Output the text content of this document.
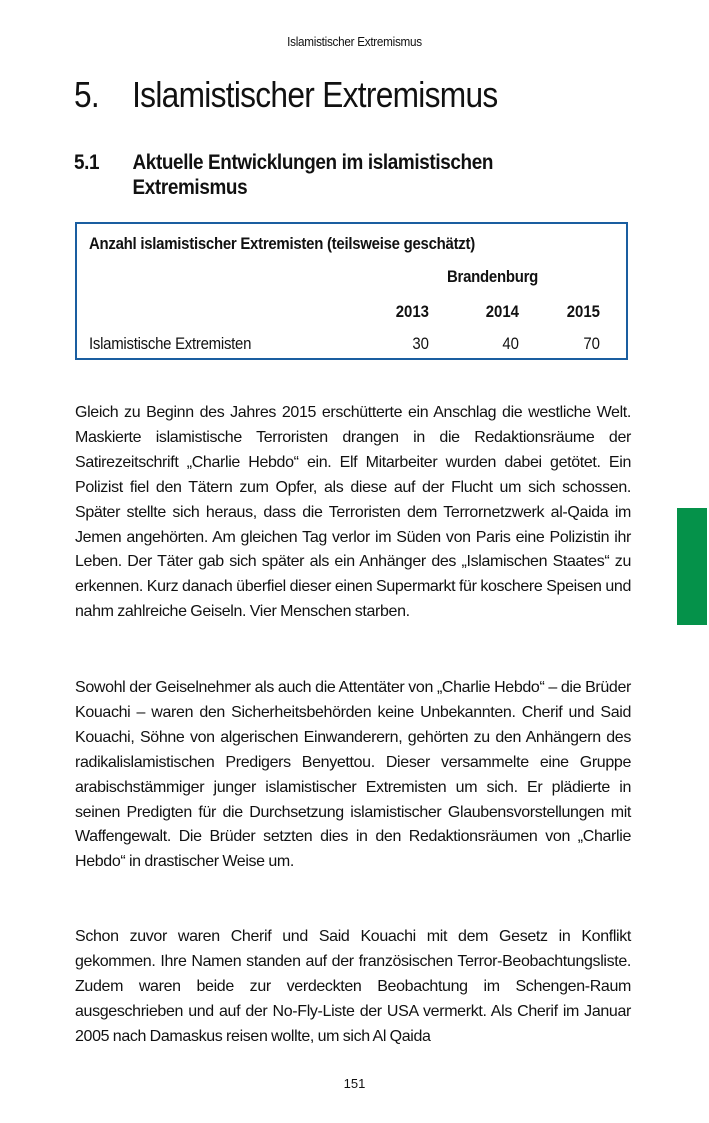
Islamistischer Extremismus
5. Islamistischer Extremismus
5.1 Aktuelle Entwicklungen im islamistischen Extremismus
Anzahl islamistischer Extremisten (teilsweise geschätzt)
Brandenburg
2013	2014	2015
Islamistische Extremisten	30	40	70

Gleich zu Beginn des Jahres 2015 erschütterte ein Anschlag die westliche Welt. Maskierte islamistische Terroristen drangen in die Redaktionsräume der Satirezeitschrift „Charlie Hebdo“ ein. Elf Mitarbeiter wurden dabei getötet. Ein Polizist fiel den Tätern zum Opfer, als diese auf der Flucht um sich schossen. Später stellte sich heraus, dass die Terroristen dem Terrornetzwerk al-Qaida im Jemen angehörten. Am gleichen Tag verlor im Süden von Paris eine Polizistin ihr Leben. Der Täter gab sich später als ein Anhänger des „Islamischen Staates“ zu erkennen. Kurz danach überfiel dieser einen Supermarkt für koschere Speisen und nahm zahlreiche Geiseln. Vier Menschen starben.

Sowohl der Geiselnehmer als auch die Attentäter von „Charlie Hebdo“ – die Brüder Kouachi – waren den Sicherheitsbehörden keine Unbekannten. Cherif und Said Kouachi, Söhne von algerischen Einwanderern, gehörten zu den Anhängern des radikalislamistischen Predigers Benyettou. Dieser versammelte eine Gruppe arabischstämmiger junger islamistischer Extremisten um sich. Er plädierte in seinen Predigten für die Durchsetzung islamistischer Glaubensvorstellungen mit Waffengewalt. Die Brüder setzten dies in den Redaktionsräumen von „Charlie Hebdo“ in drastischer Weise um.

Schon zuvor waren Cherif und Said Kouachi mit dem Gesetz in Konflikt gekommen. Ihre Namen standen auf der französischen Terror-Beobachtungsliste. Zudem waren beide zur verdeckten Beobachtung im Schengen-Raum ausgeschrieben und auf der No-Fly-Liste der USA vermerkt. Als Cherif im Januar 2005 nach Damaskus reisen wollte, um sich Al Qaida

151
